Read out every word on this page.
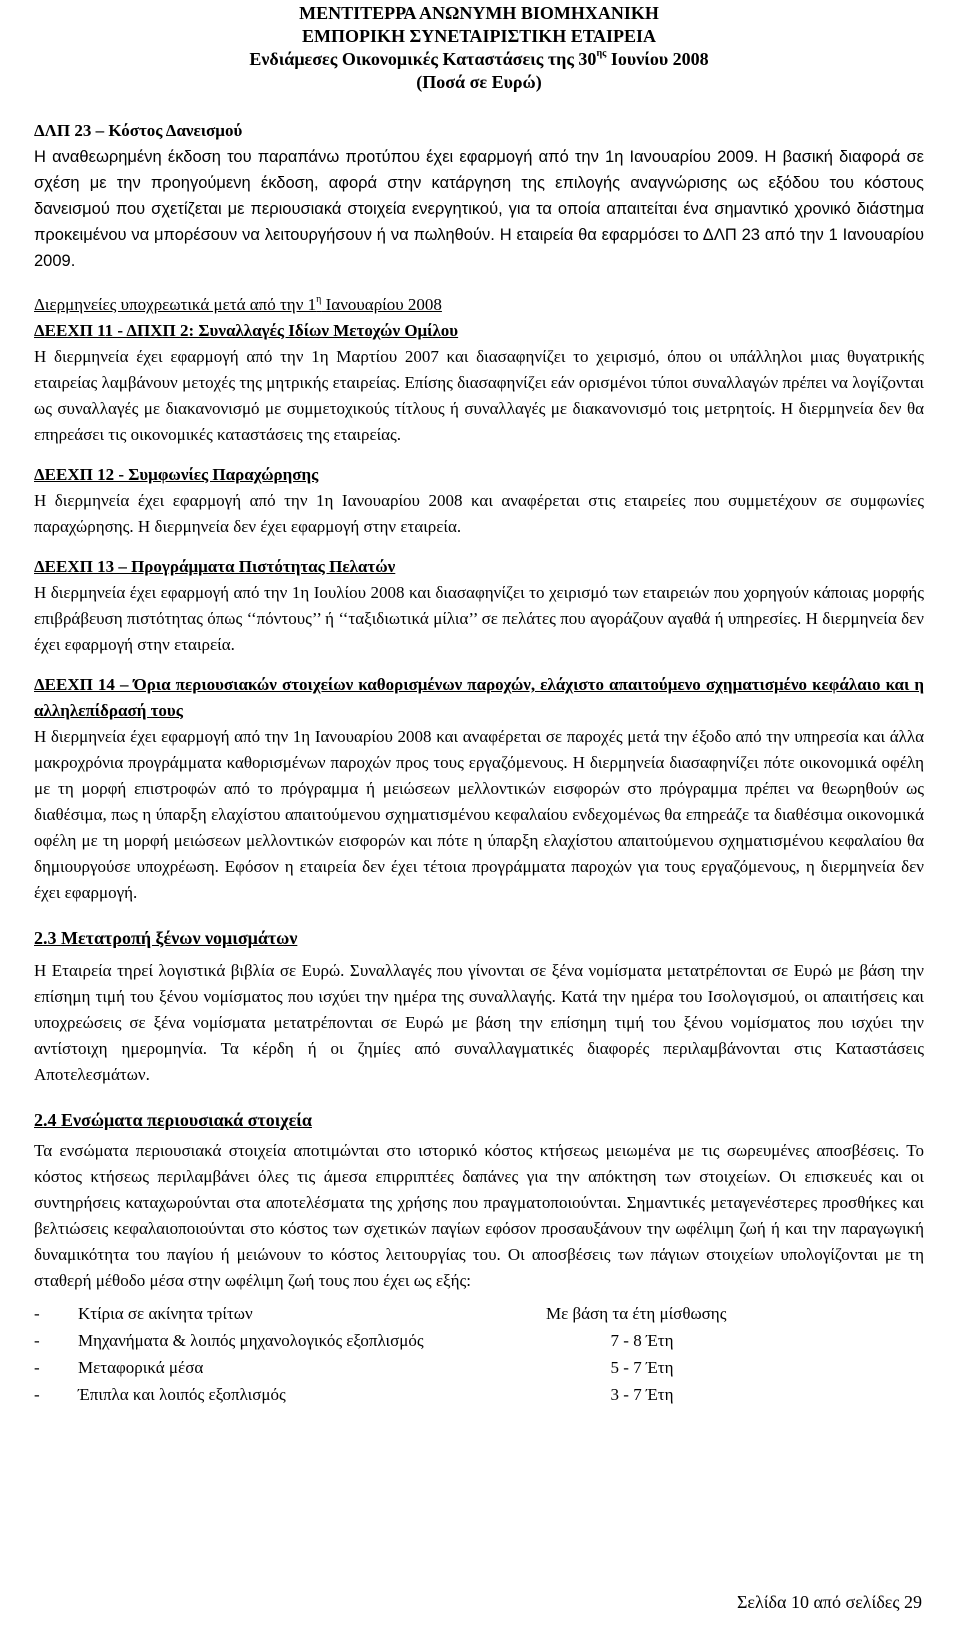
ΜΕΝΤΙΤΕΡΡΑ ΑΝΩΝΥΜΗ ΒΙΟΜΗΧΑΝΙΚΗ
ΕΜΠΟΡΙΚΗ ΣΥΝΕΤΑΙΡΙΣΤΙΚΗ ΕΤΑΙΡΕΙΑ
Ενδιάμεσες Οικονομικές Καταστάσεις της $30^{\eta\varsigma}$ Ιουνίου 2008
(Ποσά σε Ευρώ)

ΔΛΠ 23 – Κόστος Δανεισμού

Η αναθεωρημένη έκδοση του παραπάνω προτύπου έχει εφαρμογή από την 1η Ιανουαρίου 2009. Η βασική διαφορά σε σχέση με την προηγούμενη έκδοση, αφορά στην κατάργηση της επιλογής αναγνώρισης ως εξόδου του κόστους δανεισμού που σχετίζεται με περιουσιακά στοιχεία ενεργητικού, για τα οποία απαιτείται ένα σημαντικό χρονικό διάστημα προκειμένου να μπορέσουν να λειτουργήσουν ή να πωληθούν. Η εταιρεία θα εφαρμόσει το ΔΛΠ 23 από την 1 Ιανουαρίου 2009.

Διερμηνείες υποχρεωτικά μετά από την $1^\eta$ Ιανουαρίου 2008

ΔΕΕΧΠ 11 - ΔΠΧΠ 2: Συναλλαγές Ιδίων Μετοχών Ομίλου

Η διερμηνεία έχει εφαρμογή από την 1η Μαρτίου 2007 και διασαφηνίζει το χειρισμό, όπου οι υπάλληλοι μιας θυγατρικής εταιρείας λαμβάνουν μετοχές της μητρικής εταιρείας. Επίσης διασαφηνίζει εάν ορισμένοι τύποι συναλλαγών πρέπει να λογίζονται ως συναλλαγές με διακανονισμό με συμμετοχικούς τίτλους ή συναλλαγές με διακανονισμό τοις μετρητοίς. Η διερμηνεία δεν θα επηρεάσει τις οικονομικές καταστάσεις της εταιρείας.

ΔΕΕΧΠ 12 - Συμφωνίες Παραχώρησης

Η διερμηνεία έχει εφαρμογή από την 1η Ιανουαρίου 2008 και αναφέρεται στις εταιρείες που συμμετέχουν σε συμφωνίες παραχώρησης. Η διερμηνεία δεν έχει εφαρμογή στην εταιρεία.

ΔΕΕΧΠ 13 – Προγράμματα Πιστότητας Πελατών

Η διερμηνεία έχει εφαρμογή από την 1η Ιουλίου 2008 και διασαφηνίζει το χειρισμό των εταιρειών που χορηγούν κάποιας μορφής επιβράβευση πιστότητας όπως ‘‘πόντους’’ ή ‘‘ταξιδιωτικά μίλια’’ σε πελάτες που αγοράζουν αγαθά ή υπηρεσίες. Η διερμηνεία δεν έχει εφαρμογή στην εταιρεία.

ΔΕΕΧΠ 14 – Όρια περιουσιακών στοιχείων καθορισμένων παροχών, ελάχιστο απαιτούμενο σχηματισμένο κεφάλαιο και η αλληλεπίδρασή τους

Η διερμηνεία έχει εφαρμογή από την 1η Ιανουαρίου 2008 και αναφέρεται σε παροχές μετά την έξοδο από την υπηρεσία και άλλα μακροχρόνια προγράμματα καθορισμένων παροχών προς τους εργαζόμενους. Η διερμηνεία διασαφηνίζει πότε οικονομικά οφέλη με τη μορφή επιστροφών από το πρόγραμμα ή μειώσεων μελλοντικών εισφορών στο πρόγραμμα πρέπει να θεωρηθούν ως διαθέσιμα, πως η ύπαρξη ελαχίστου απαιτούμενου σχηματισμένου κεφαλαίου ενδεχομένως θα επηρεάζε τα διαθέσιμα οικονομικά οφέλη με τη μορφή μειώσεων μελλοντικών εισφορών και πότε η ύπαρξη ελαχίστου απαιτούμενου σχηματισμένου κεφαλαίου θα δημιουργούσε υποχρέωση. Εφόσον η εταιρεία δεν έχει τέτοια προγράμματα παροχών για τους εργαζόμενους, η διερμηνεία δεν έχει εφαρμογή.

2.3 Μετατροπή ξένων νομισμάτων

Η Εταιρεία τηρεί λογιστικά βιβλία σε Ευρώ. Συναλλαγές που γίνονται σε ξένα νομίσματα μετατρέπονται σε Ευρώ με βάση την επίσημη τιμή του ξένου νομίσματος που ισχύει την ημέρα της συναλλαγής. Κατά την ημέρα του Ισολογισμού, οι απαιτήσεις και υποχρεώσεις σε ξένα νομίσματα μετατρέπονται σε Ευρώ με βάση την επίσημη τιμή του ξένου νομίσματος που ισχύει την αντίστοιχη ημερομηνία. Τα κέρδη ή οι ζημίες από συναλλαγματικές διαφορές περιλαμβάνονται στις Καταστάσεις Αποτελεσμάτων.

2.4 Ενσώματα περιουσιακά στοιχεία

Τα ενσώματα περιουσιακά στοιχεία αποτιμώνται στο ιστορικό κόστος κτήσεως μειωμένα με τις σωρευμένες αποσβέσεις. Το κόστος κτήσεως περιλαμβάνει όλες τις άμεσα επιρριπτέες δαπάνες για την απόκτηση των στοιχείων. Οι επισκευές και οι συντηρήσεις καταχωρούνται στα αποτελέσματα της χρήσης που πραγματοποιούνται. Σημαντικές μεταγενέστερες προσθήκες και βελτιώσεις κεφαλαιοποιούνται στο κόστος των σχετικών παγίων εφόσον προσαυξάνουν την ωφέλιμη ζωή ή και την παραγωγική δυναμικότητα του παγίου ή μειώνουν το κόστος λειτουργίας του. Οι αποσβέσεις των πάγιων στοιχείων υπολογίζονται με τη σταθερή μέθοδο μέσα στην ωφέλιμη ζωή τους που έχει ως εξής:

-	Κτίρια σε ακίνητα τρίτων	Με βάση τα έτη μίσθωσης
-	Μηχανήματα & λοιπός μηχανολογικός εξοπλισμός	7 - 8 Έτη
-	Μεταφορικά μέσα	5 - 7 Έτη
-	Έπιπλα και λοιπός εξοπλισμός	3 - 7 Έτη
Σελίδα 10 από σελίδες 29
